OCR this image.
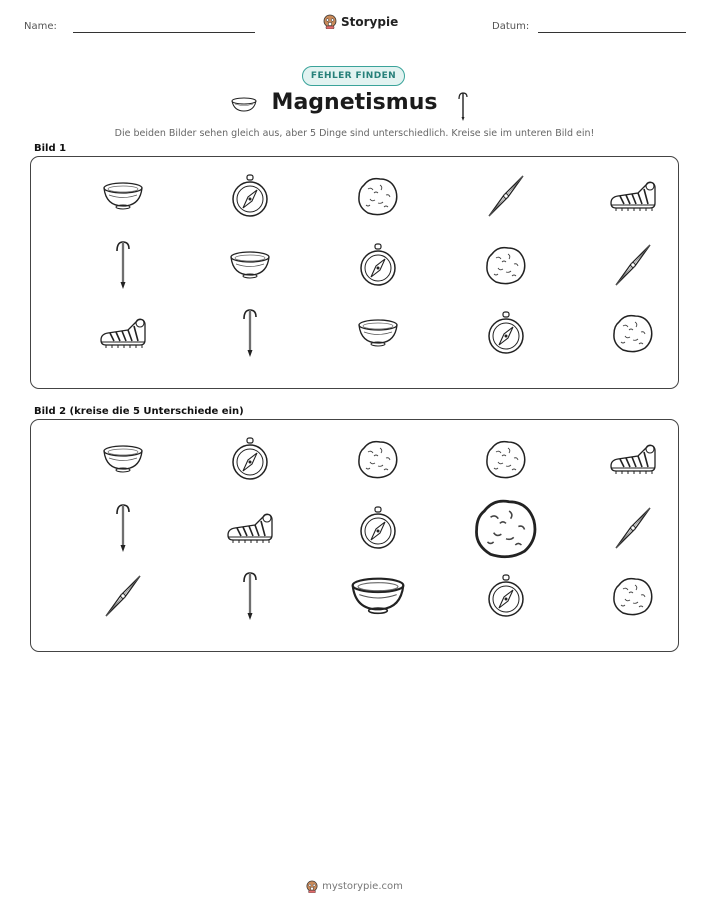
Name:	Storypie	Datum:
FEHLER FINDEN
Magnetismus
Die beiden Bilder sehen gleich aus, aber 5 Dinge sind unterschiedlich. Kreise sie im unteren Bild ein!
Bild 1
Bild 2 (kreise die 5 Unterschiede ein)
mystorypie.com
